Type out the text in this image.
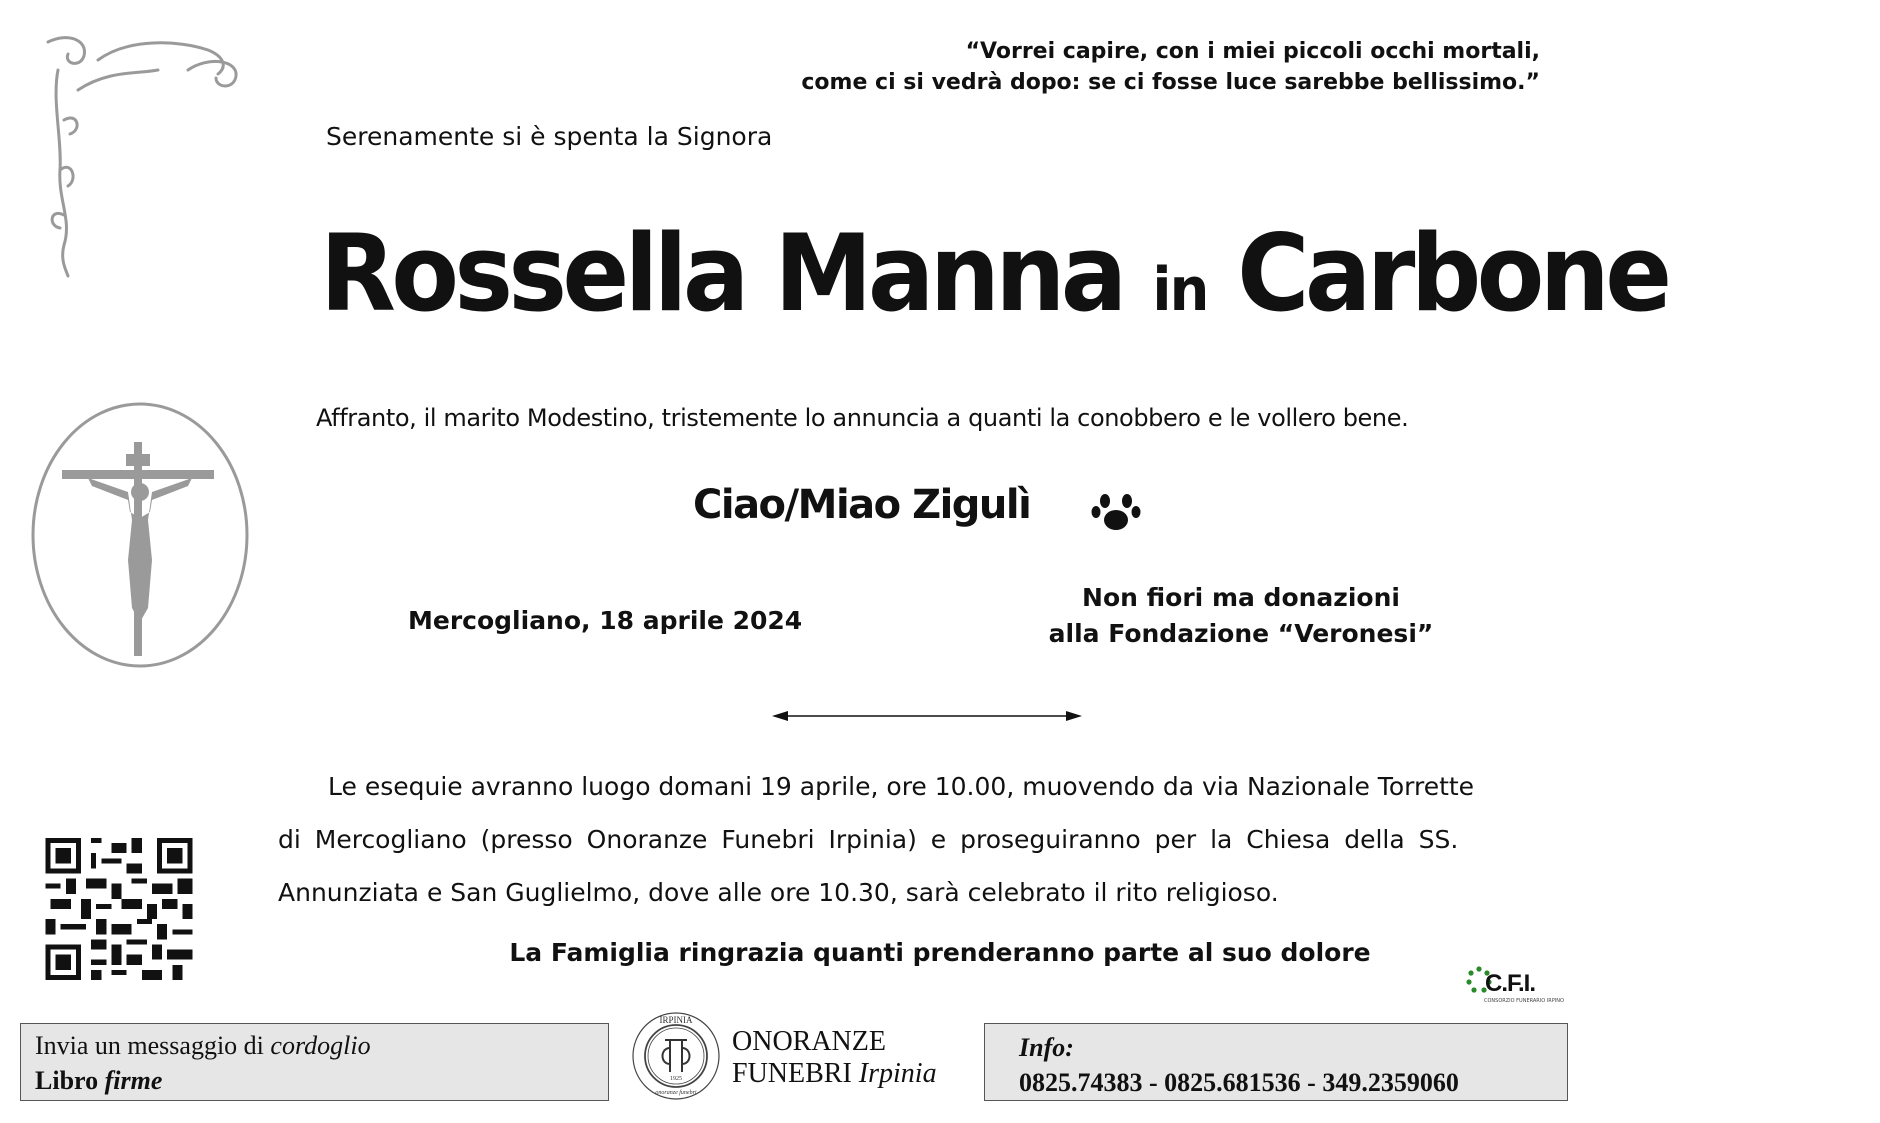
“Vorrei capire, con i miei piccoli occhi mortali,
come ci si vedrà dopo: se ci fosse luce sarebbe bellissimo.”
Serenamente si è spenta la Signora
Rossella Manna in Carbone
Affranto, il marito Modestino, tristemente lo annuncia a quanti la conobbero e le vollero bene.
Ciao/Miao Zigulì
Mercogliano, 18 aprile 2024
Non fiori ma donazioni
alla Fondazione “Veronesi”
Le esequie avranno luogo domani 19 aprile, ore 10.00, muovendo da via Nazionale Torrette
di Mercogliano (presso Onoranze Funebri Irpinia) e proseguiranno per la Chiesa della SS.
Annunziata e San Guglielmo, dove alle ore 10.30, sarà celebrato il rito religioso.
La Famiglia ringrazia quanti prenderanno parte al suo dolore
C.F.I.
CONSORZIO FUNERARIO IRPINO
Invia un messaggio di cordoglio
Libro firme
IRPINIA
1925
onoranze funebri
ONORANZE
FUNEBRI Irpinia
Info:
0825.74383 - 0825.681536 - 349.2359060
